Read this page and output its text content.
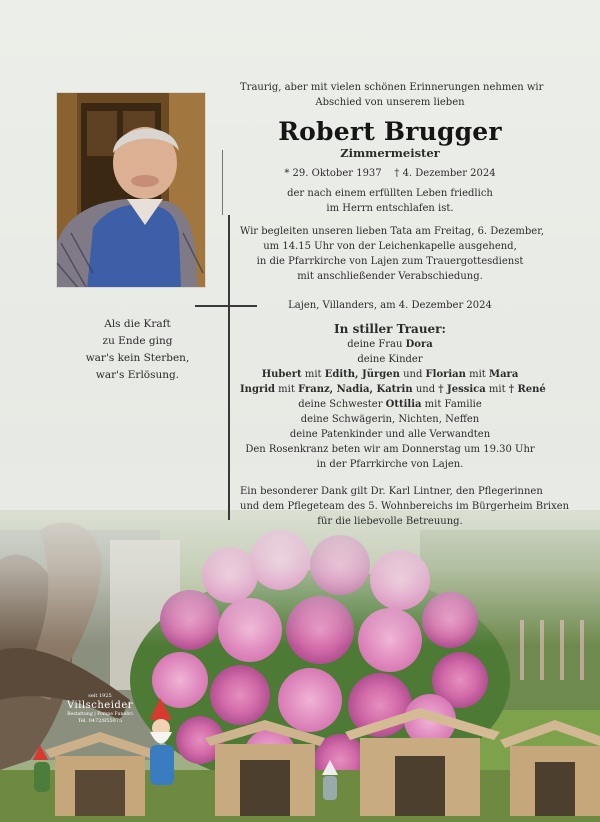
Als die Kraft
zu Ende ging
war's kein Sterben,
war's Erlösung.
Traurig, aber mit vielen schönen Erinnerungen nehmen wir
Abschied von unserem lieben
Robert Brugger
Zimmermeister
* 29. Oktober 1937 † 4. Dezember 2024
der nach einem erfüllten Leben friedlich
im Herrn entschlafen ist.
Wir begleiten unseren lieben Tata am Freitag, 6. Dezember,
um 14.15 Uhr von der Leichenkapelle ausgehend,
in die Pfarrkirche von Lajen zum Trauergottesdienst
mit anschließender Verabschiedung.
Lajen, Villanders, am 4. Dezember 2024
In stiller Trauer:
deine Frau Dora
deine Kinder
Hubert mit Edith, Jürgen und Florian mit Mara
Ingrid mit Franz, Nadia, Katrin und † Jessica mit † René
deine Schwester Ottilia mit Familie
deine Schwägerin, Nichten, Neffen
deine Patenkinder und alle Verwandten
Den Rosenkranz beten wir am Donnerstag um 19.30 Uhr
in der Pfarrkirche von Lajen.
Ein besonderer Dank gilt Dr. Karl Lintner, den Pflegerinnen
und dem Pflegeteam des 5. Wohnbereichs im Bürgerheim Brixen
für die liebevolle Betreuung.
seit 1925
Villscheider
Bestattung | Pompe Funebri
Tel. 0472/855075
